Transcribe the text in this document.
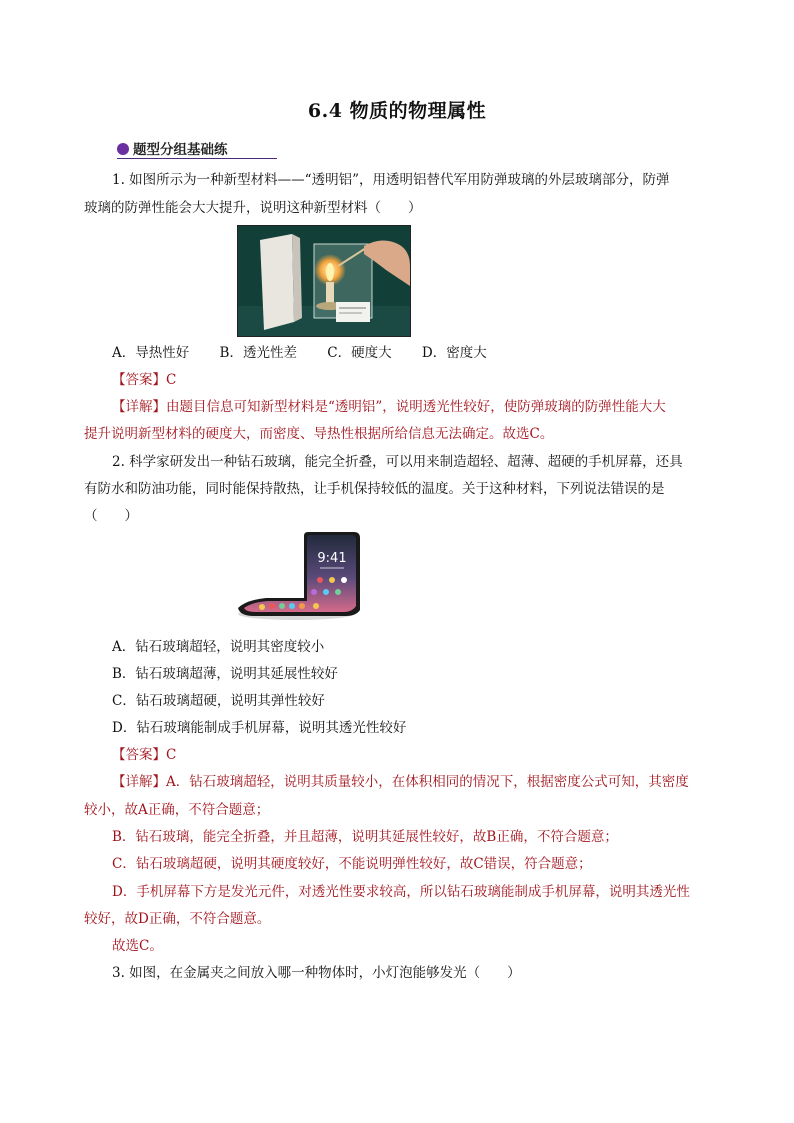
6.4 物质的物理属性
题型分组基础练
1. 如图所示为一种新型材料——“透明铝”，用透明铝替代军用防弹玻璃的外层玻璃部分，防弹
玻璃的防弹性能会大大提升，说明这种新型材料（　　）
A．导热性好 B．透光性差 C．硬度大 D．密度大
【答案】C
【详解】由题目信息可知新型材料是“透明铝”，说明透光性较好，使防弹玻璃的防弹性能大大
提升说明新型材料的硬度大，而密度、导热性根据所给信息无法确定。故选C。
2. 科学家研发出一种钻石玻璃，能完全折叠，可以用来制造超轻、超薄、超硬的手机屏幕，还具
有防水和防油功能，同时能保持散热，让手机保持较低的温度。关于这种材料，下列说法错误的是
（　　）
9:41
A．钻石玻璃超轻，说明其密度较小
B．钻石玻璃超薄，说明其延展性较好
C．钻石玻璃超硬，说明其弹性较好
D．钻石玻璃能制成手机屏幕，说明其透光性较好
【答案】C
【详解】A．钻石玻璃超轻，说明其质量较小，在体积相同的情况下，根据密度公式可知，其密度
较小，故A正确，不符合题意；
B．钻石玻璃，能完全折叠，并且超薄，说明其延展性较好，故B正确，不符合题意；
C．钻石玻璃超硬，说明其硬度较好，不能说明弹性较好，故C错误，符合题意；
D．手机屏幕下方是发光元件，对透光性要求较高，所以钻石玻璃能制成手机屏幕，说明其透光性
较好，故D正确，不符合题意。
故选C。
3. 如图，在金属夹之间放入哪一种物体时，小灯泡能够发光（　　）
